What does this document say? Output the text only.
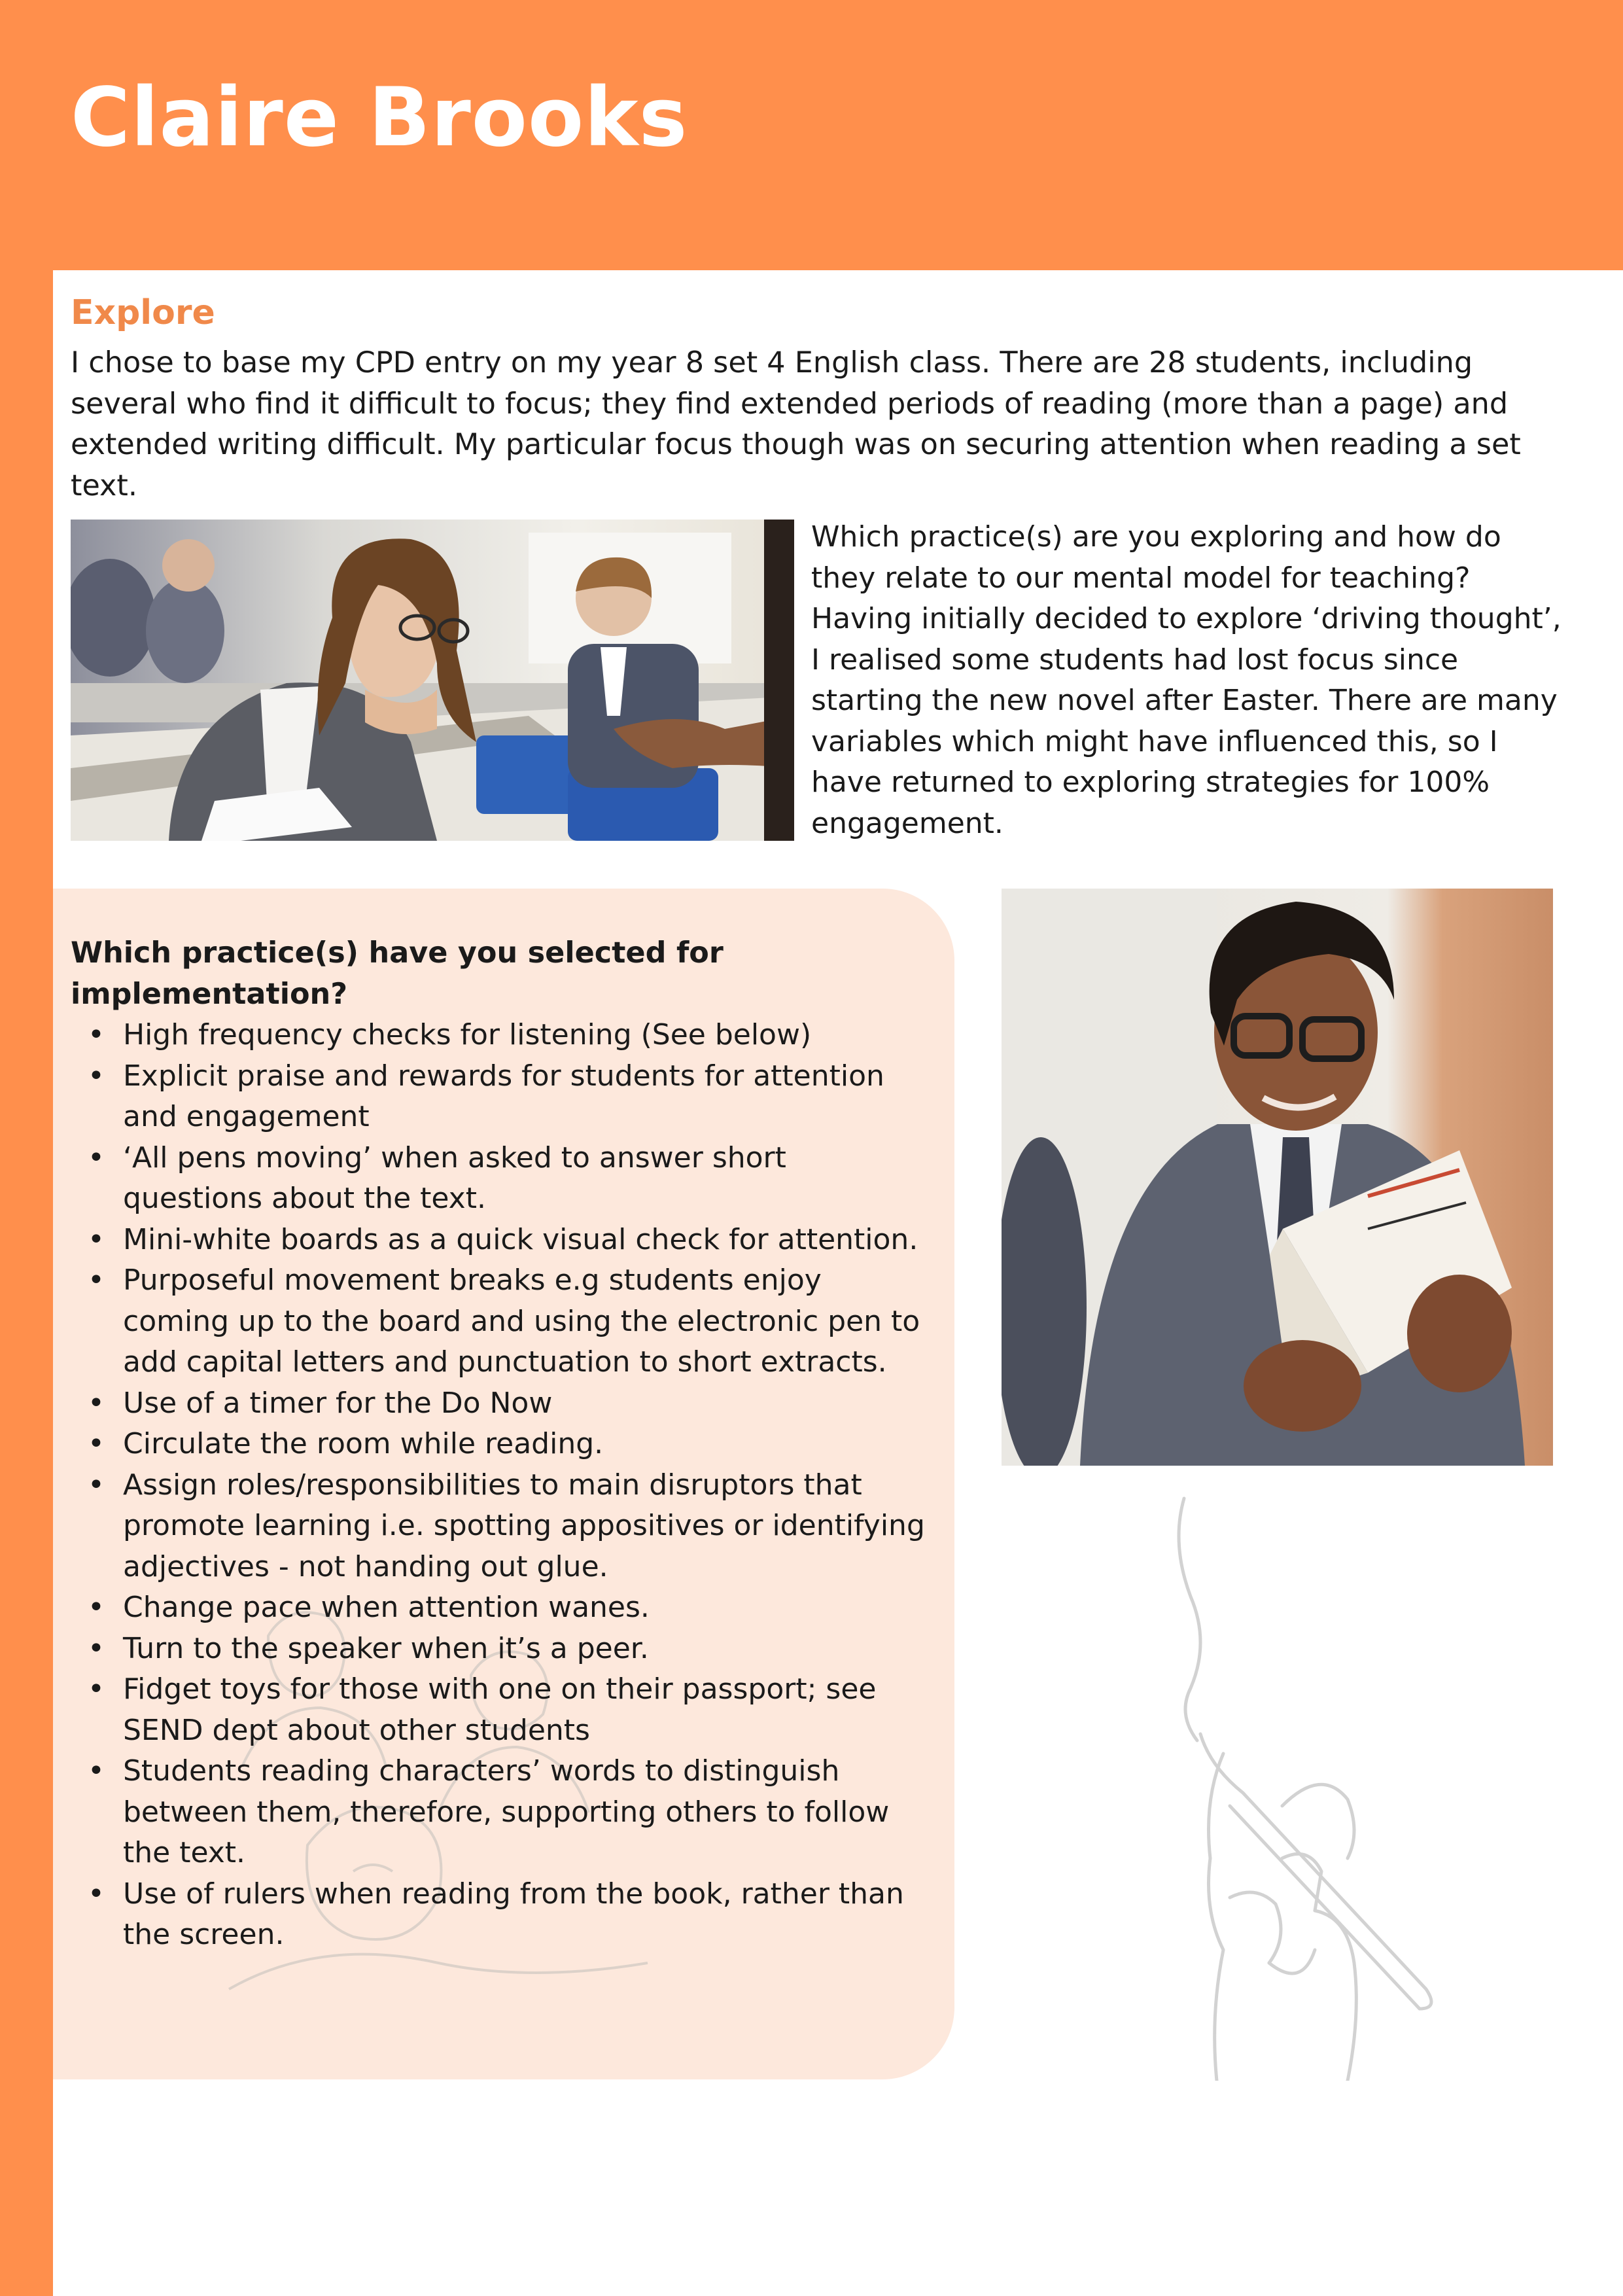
Claire Brooks
Explore

I chose to base my CPD entry on my year 8 set 4 English class. There are 28 students, including several who find it difficult to focus; they find extended periods of reading (more than a page) and extended writing difficult. My particular focus though was on securing attention when reading a set text.

Which practice(s) are you exploring and how do they relate to our mental model for teaching? Having initially decided to explore ‘driving thought’, I realised some students had lost focus since starting the new novel after Easter. There are many variables which might have influenced this, so I have returned to exploring strategies for 100% engagement.

Which practice(s) have you selected for implementation?
• High frequency checks for listening (See below)
• Explicit praise and rewards for students for attention and engagement
• ‘All pens moving’ when asked to answer short questions about the text.
• Mini-white boards as a quick visual check for attention.
• Purposeful movement breaks e.g students enjoy coming up to the board and using the electronic pen to add capital letters and punctuation to short extracts.
• Use of a timer for the Do Now
• Circulate the room while reading.
• Assign roles/responsibilities to main disruptors that promote learning i.e. spotting appositives or identifying adjectives - not handing out glue.
• Change pace when attention wanes.
• Turn to the speaker when it’s a peer.
• Fidget toys for those with one on their passport; see SEND dept about other students
• Students reading characters’ words to distinguish between them, therefore, supporting others to follow the text.
• Use of rulers when reading from the book, rather than the screen.
